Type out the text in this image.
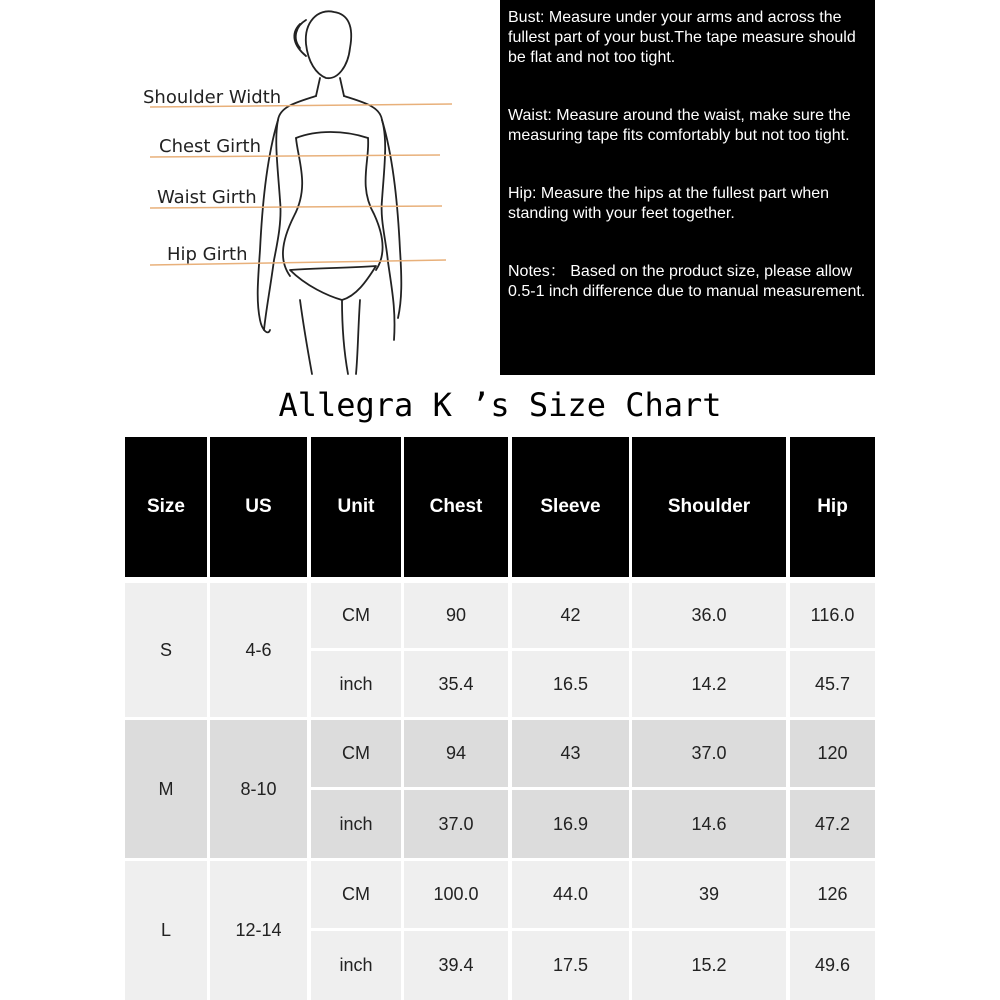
Shoulder Width
Chest Girth
Waist Girth
Hip Girth

Bust: Measure under your arms and across the fullest part of your bust.The tape measure should be flat and not too tight.

Waist: Measure around the waist, make sure the measuring tape fits comfortably but not too tight.

Hip: Measure the hips at the fullest part when standing with your feet together.

Notes： Based on the product size, please allow 0.5-1 inch difference due to manual measurement.

Allegra K ’s Size Chart
Size	US	Unit	Chest	Sleeve	Shoulder	Hip
S	4-6
CM	90	42	36.0	116.0
inch	35.4	16.5	14.2	45.7
M	8-10
CM	94	43	37.0	120
inch	37.0	16.9	14.6	47.2
L	12-14
CM	100.0	44.0	39	126
inch	39.4	17.5	15.2	49.6
